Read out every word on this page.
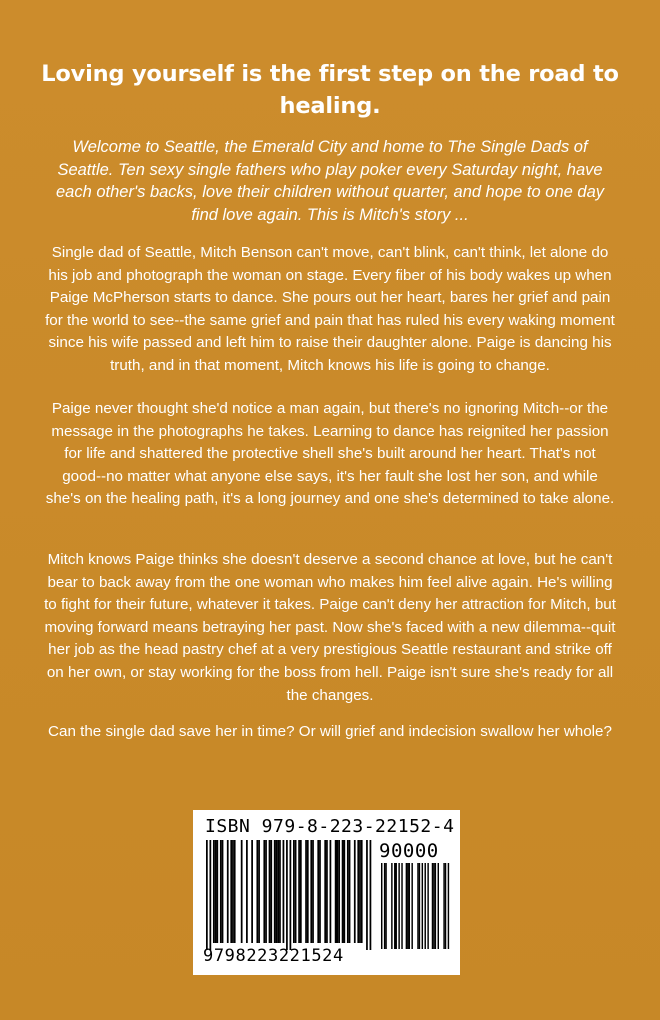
Loving yourself is the first step on the road to healing.
Welcome to Seattle, the Emerald City and home to The Single Dads of Seattle. Ten sexy single fathers who play poker every Saturday night, have each other's backs, love their children without quarter, and hope to one day find love again. This is Mitch's story ...
Single dad of Seattle, Mitch Benson can't move, can't blink, can't think, let alone do his job and photograph the woman on stage. Every fiber of his body wakes up when Paige McPherson starts to dance. She pours out her heart, bares her grief and pain for the world to see--the same grief and pain that has ruled his every waking moment since his wife passed and left him to raise their daughter alone. Paige is dancing his truth, and in that moment, Mitch knows his life is going to change.
Paige never thought she'd notice a man again, but there's no ignoring Mitch--or the message in the photographs he takes. Learning to dance has reignited her passion for life and shattered the protective shell she's built around her heart. That's not good--no matter what anyone else says, it's her fault she lost her son, and while she's on the healing path, it's a long journey and one she's determined to take alone.
Mitch knows Paige thinks she doesn't deserve a second chance at love, but he can't bear to back away from the one woman who makes him feel alive again. He's willing to fight for their future, whatever it takes. Paige can't deny her attraction for Mitch, but moving forward means betraying her past. Now she's faced with a new dilemma--quit her job as the head pastry chef at a very prestigious Seattle restaurant and strike off on her own, or stay working for the boss from hell. Paige isn't sure she's ready for all the changes.
Can the single dad save her in time? Or will grief and indecision swallow her whole?
ISBN 979-8-223-22152-4
90000
9798223221524
